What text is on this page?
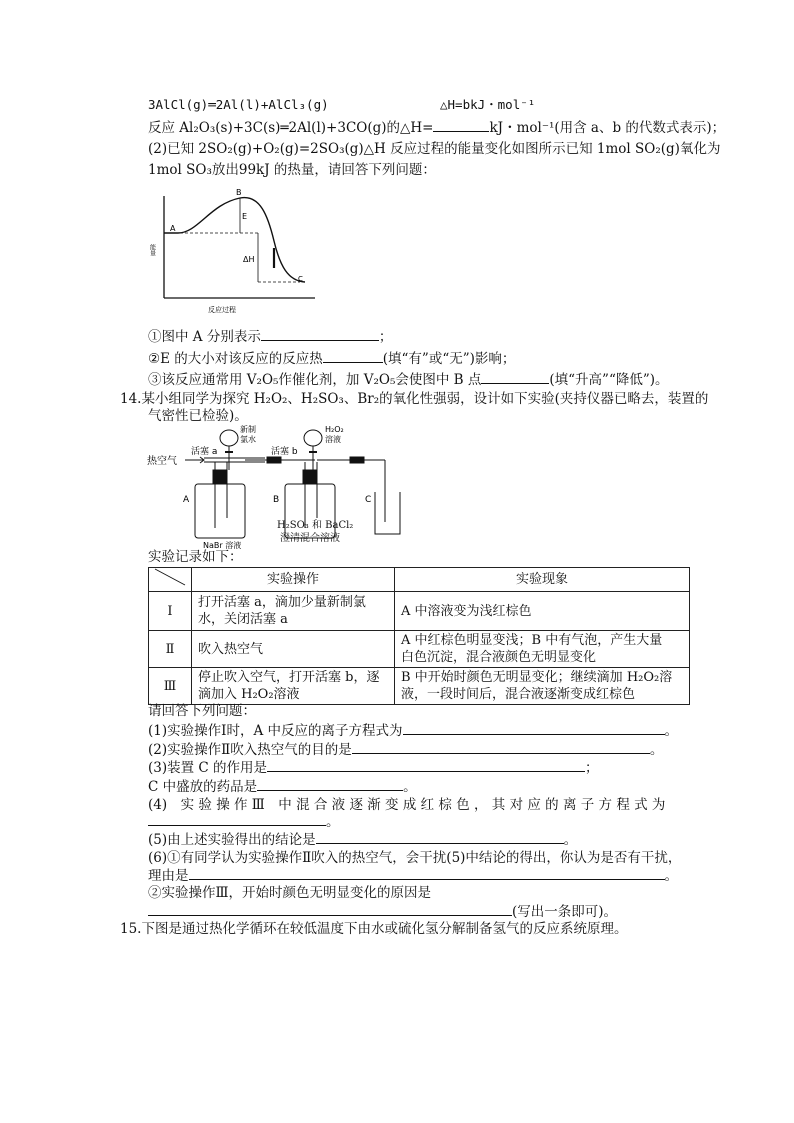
3AlCl(g)═2Al(l)+AlCl₃(g)	△H=bkJ・mol⁻¹
反应 Al₂O₃(s)+3C(s)═2Al(l)+3CO(g)的△H=	kJ・mol⁻¹(用含 a、b 的代数式表示)；
(2)已知 2SO₂(g)+O₂(g)=2SO₃(g)△H 反应过程的能量变化如图所示已知 1mol SO₂(g)氧化为
1mol SO₃放出99kJ 的热量，请回答下列问题：
A
B
E
ΔH
C
能量
反应过程
①图中 A 分别表示	；
②E 的大小对该反应的反应热	(填“有”或“无”)影响；
③该反应通常用 V₂O₅作催化剂，加 V₂O₅会使图中 B 点	(填“升高”“降低”)。
14.某小组同学为探究 H₂O₂、H₂SO₃、Br₂的氧化性强弱，设计如下实验(夹持仪器已略去，装置的
气密性已检验)。
热空气
活塞 a
新制
氯水
活塞 b
H₂O₂
溶液
A	B	C
NaBr 溶液
H₂SO₃ 和 BaCl₂
澄清混合溶液
实验记录如下：
	实验操作	实验现象
Ⅰ	打开活塞 a，滴加少量新制氯
水，关闭活塞 a	A 中溶液变为浅红棕色
Ⅱ	吹入热空气	A 中红棕色明显变浅；B 中有气泡，产生大量
白色沉淀，混合液颜色无明显变化
Ⅲ	停止吹入空气，打开活塞 b，逐
滴加入 H₂O₂溶液	B 中开始时颜色无明显变化；继续滴加 H₂O₂溶
液，一段时间后，混合液逐渐变成红棕色
请回答下列问题：
(1)实验操作Ⅰ时，A 中反应的离子方程式为	。
(2)实验操作Ⅱ吹入热空气的目的是	。
(3)装置 C 的作用是	；
C 中盛放的药品是	。
(4)　实 验 操 作 Ⅲ　中 混 合 液 逐 渐 变 成 红 棕 色 ， 其 对 应 的 离 子 方 程 式 为
。
(5)由上述实验得出的结论是	。
(6)①有同学认为实验操作Ⅱ吹入的热空气，会干扰(5)中结论的得出，你认为是否有干扰，
理由是	。
②实验操作Ⅲ，开始时颜色无明显变化的原因是
(写出一条即可)。
15.下图是通过热化学循环在较低温度下由水或硫化氢分解制备氢气的反应系统原理。
